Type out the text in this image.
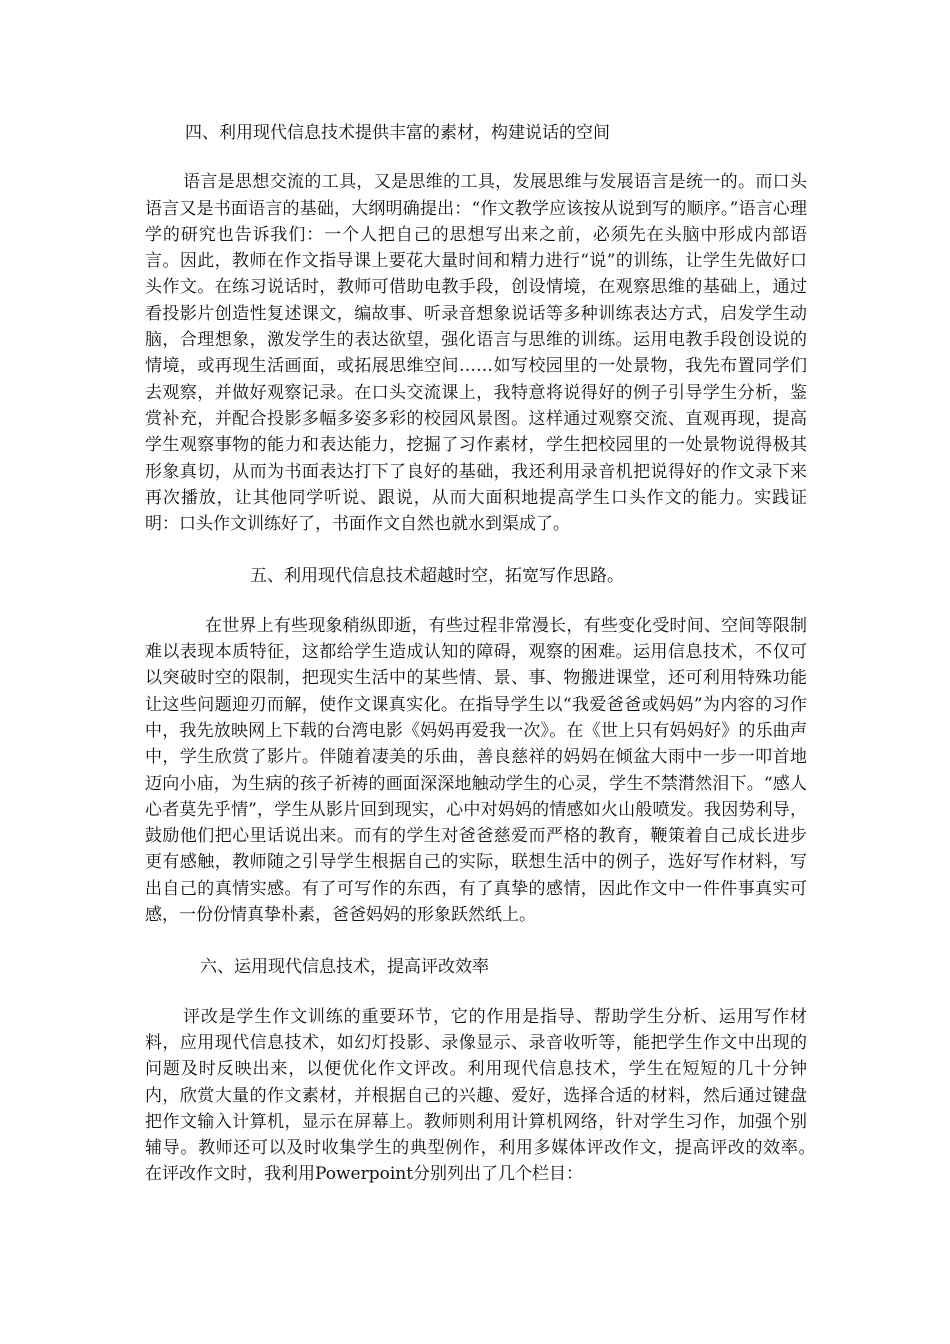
四、利用现代信息技术提供丰富的素材，构建说话的空间

语言是思想交流的工具，又是思维的工具，发展思维与发展语言是统一的。而口头语言又是书面语言的基础，大纲明确提出：“作文教学应该按从说到写的顺序。”语言心理学的研究也告诉我们：一个人把自己的思想写出来之前，必须先在头脑中形成内部语言。因此，教师在作文指导课上要花大量时间和精力进行“说”的训练，让学生先做好口头作文。在练习说话时，教师可借助电教手段，创设情境，在观察思维的基础上，通过看投影片创造性复述课文，编故事、听录音想象说话等多种训练表达方式，启发学生动脑，合理想象，激发学生的表达欲望，强化语言与思维的训练。运用电教手段创设说的情境，或再现生活画面，或拓展思维空间……如写校园里的一处景物，我先布置同学们去观察，并做好观察记录。在口头交流课上，我特意将说得好的例子引导学生分析，鉴赏补充，并配合投影多幅多姿多彩的校园风景图。这样通过观察交流、直观再现，提高学生观察事物的能力和表达能力，挖掘了习作素材，学生把校园里的一处景物说得极其形象真切，从而为书面表达打下了良好的基础，我还利用录音机把说得好的作文录下来再次播放，让其他同学听说、跟说，从而大面积地提高学生口头作文的能力。实践证明：口头作文训练好了，书面作文自然也就水到渠成了。

五、利用现代信息技术超越时空，拓宽写作思路。

在世界上有些现象稍纵即逝，有些过程非常漫长，有些变化受时间、空间等限制难以表现本质特征，这都给学生造成认知的障碍，观察的困难。运用信息技术，不仅可以突破时空的限制，把现实生活中的某些情、景、事、物搬进课堂，还可利用特殊功能让这些问题迎刃而解，使作文课真实化。在指导学生以“我爱爸爸或妈妈”为内容的习作中，我先放映网上下载的台湾电影《妈妈再爱我一次》。在《世上只有妈妈好》的乐曲声中，学生欣赏了影片。伴随着凄美的乐曲，善良慈祥的妈妈在倾盆大雨中一步一叩首地迈向小庙，为生病的孩子祈祷的画面深深地触动学生的心灵，学生不禁潸然泪下。“感人心者莫先乎情”，学生从影片回到现实，心中对妈妈的情感如火山般喷发。我因势利导，鼓励他们把心里话说出来。而有的学生对爸爸慈爱而严格的教育，鞭策着自己成长进步更有感触，教师随之引导学生根据自己的实际，联想生活中的例子，选好写作材料，写出自己的真情实感。有了可写作的东西，有了真挚的感情，因此作文中一件件事真实可感，一份份情真挚朴素，爸爸妈妈的形象跃然纸上。

六、运用现代信息技术，提高评改效率

评改是学生作文训练的重要环节，它的作用是指导、帮助学生分析、运用写作材料，应用现代信息技术，如幻灯投影、录像显示、录音收听等，能把学生作文中出现的问题及时反映出来，以便优化作文评改。利用现代信息技术，学生在短短的几十分钟内，欣赏大量的作文素材，并根据自己的兴趣、爱好，选择合适的材料，然后通过键盘把作文输入计算机，显示在屏幕上。教师则利用计算机网络，针对学生习作，加强个别辅导。教师还可以及时收集学生的典型例作，利用多媒体评改作文，提高评改的效率。　　在评改作文时，我利用Powerpoint分别列出了几个栏目：
